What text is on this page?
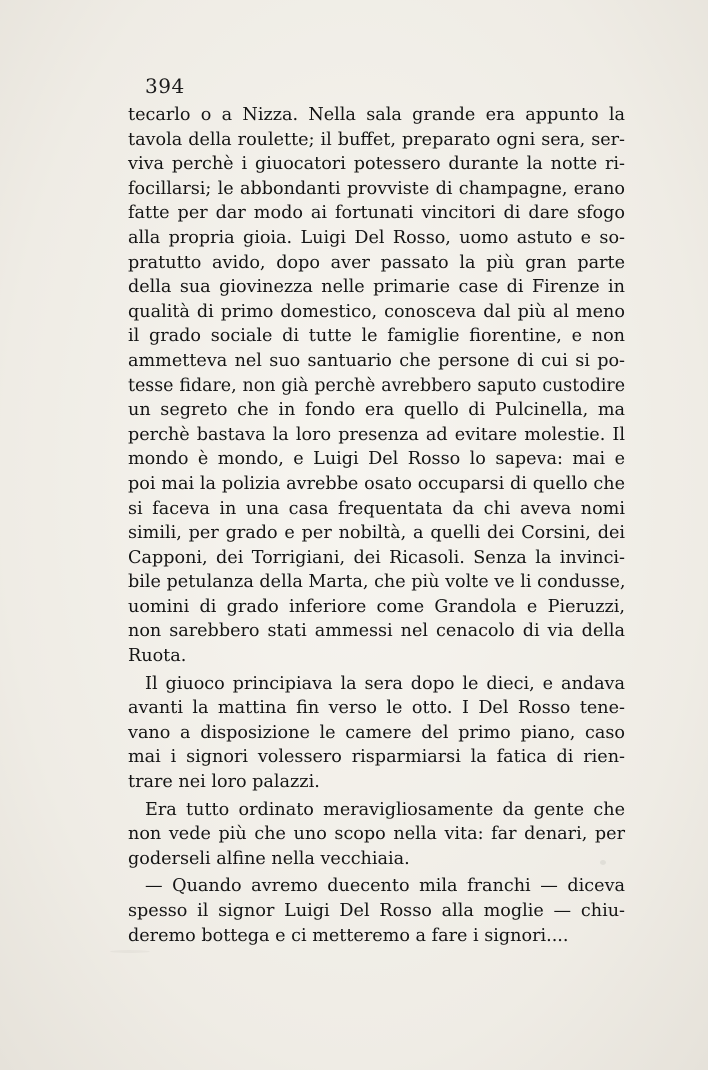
394
tecarlo o a Nizza. Nella sala grande era appunto la
tavola della roulette; il buffet, preparato ogni sera, ser-
viva perchè i giuocatori potessero durante la notte ri-
focillarsi; le abbondanti provviste di champagne, erano
fatte per dar modo ai fortunati vincitori di dare sfogo
alla propria gioia. Luigi Del Rosso, uomo astuto e so-
pratutto avido, dopo aver passato la più gran parte
della sua giovinezza nelle primarie case di Firenze in
qualità di primo domestico, conosceva dal più al meno
il grado sociale di tutte le famiglie fiorentine, e non
ammetteva nel suo santuario che persone di cui si po-
tesse fidare, non già perchè avrebbero saputo custodire
un segreto che in fondo era quello di Pulcinella, ma
perchè bastava la loro presenza ad evitare molestie. Il
mondo è mondo, e Luigi Del Rosso lo sapeva: mai e
poi mai la polizia avrebbe osato occuparsi di quello che
si faceva in una casa frequentata da chi aveva nomi
simili, per grado e per nobiltà, a quelli dei Corsini, dei
Capponi, dei Torrigiani, dei Ricasoli. Senza la invinci-
bile petulanza della Marta, che più volte ve li condusse,
uomini di grado inferiore come Grandola e Pieruzzi,
non sarebbero stati ammessi nel cenacolo di via della
Ruota.
Il giuoco principiava la sera dopo le dieci, e andava
avanti la mattina fin verso le otto. I Del Rosso tene-
vano a disposizione le camere del primo piano, caso
mai i signori volessero risparmiarsi la fatica di rien-
trare nei loro palazzi.
Era tutto ordinato meravigliosamente da gente che
non vede più che uno scopo nella vita: far denari, per
goderseli alfine nella vecchiaia.
— Quando avremo duecento mila franchi — diceva
spesso il signor Luigi Del Rosso alla moglie — chiu-
deremo bottega e ci metteremo a fare i signori....
